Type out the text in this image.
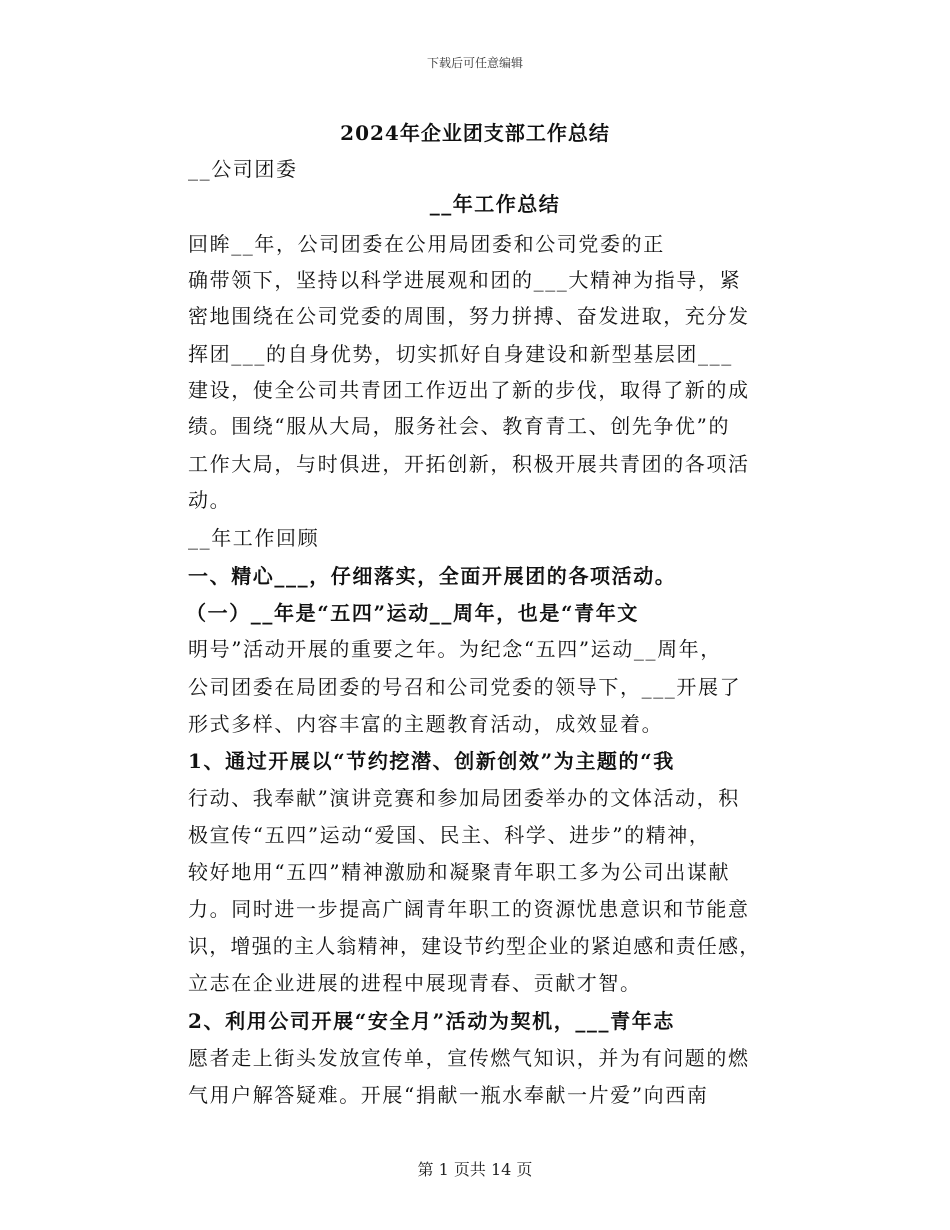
下载后可任意编辑
2024年企业团支部工作总结
__公司团委
__年工作总结
回眸__年，公司团委在公用局团委和公司党委的正
确带领下，坚持以科学进展观和团的___大精神为指导，紧
密地围绕在公司党委的周围，努力拼搏、奋发进取，充分发
挥团___的自身优势，切实抓好自身建设和新型基层团___
建设，使全公司共青团工作迈出了新的步伐，取得了新的成
绩。围绕“服从大局，服务社会、教育青工、创先争优”的
工作大局，与时俱进，开拓创新，积极开展共青团的各项活
动。
__年工作回顾
一、精心___，仔细落实，全面开展团的各项活动。
（一）__年是“五四”运动__周年，也是“青年文
明号”活动开展的重要之年。为纪念“五四”运动__周年，
公司团委在局团委的号召和公司党委的领导下，___开展了
形式多样、内容丰富的主题教育活动，成效显着。
1、通过开展以“节约挖潜、创新创效”为主题的“我
行动、我奉献”演讲竞赛和参加局团委举办的文体活动，积
极宣传“五四”运动“爱国、民主、科学、进步”的精神，
较好地用“五四”精神激励和凝聚青年职工多为公司出谋献
力。同时进一步提高广阔青年职工的资源忧患意识和节能意
识，增强的主人翁精神，建设节约型企业的紧迫感和责任感，
立志在企业进展的进程中展现青春、贡献才智。
2、利用公司开展“安全月”活动为契机，___青年志
愿者走上街头发放宣传单，宣传燃气知识，并为有问题的燃
气用户解答疑难。开展“捐献一瓶水奉献一片爱”向西南
第 1 页共 14 页
